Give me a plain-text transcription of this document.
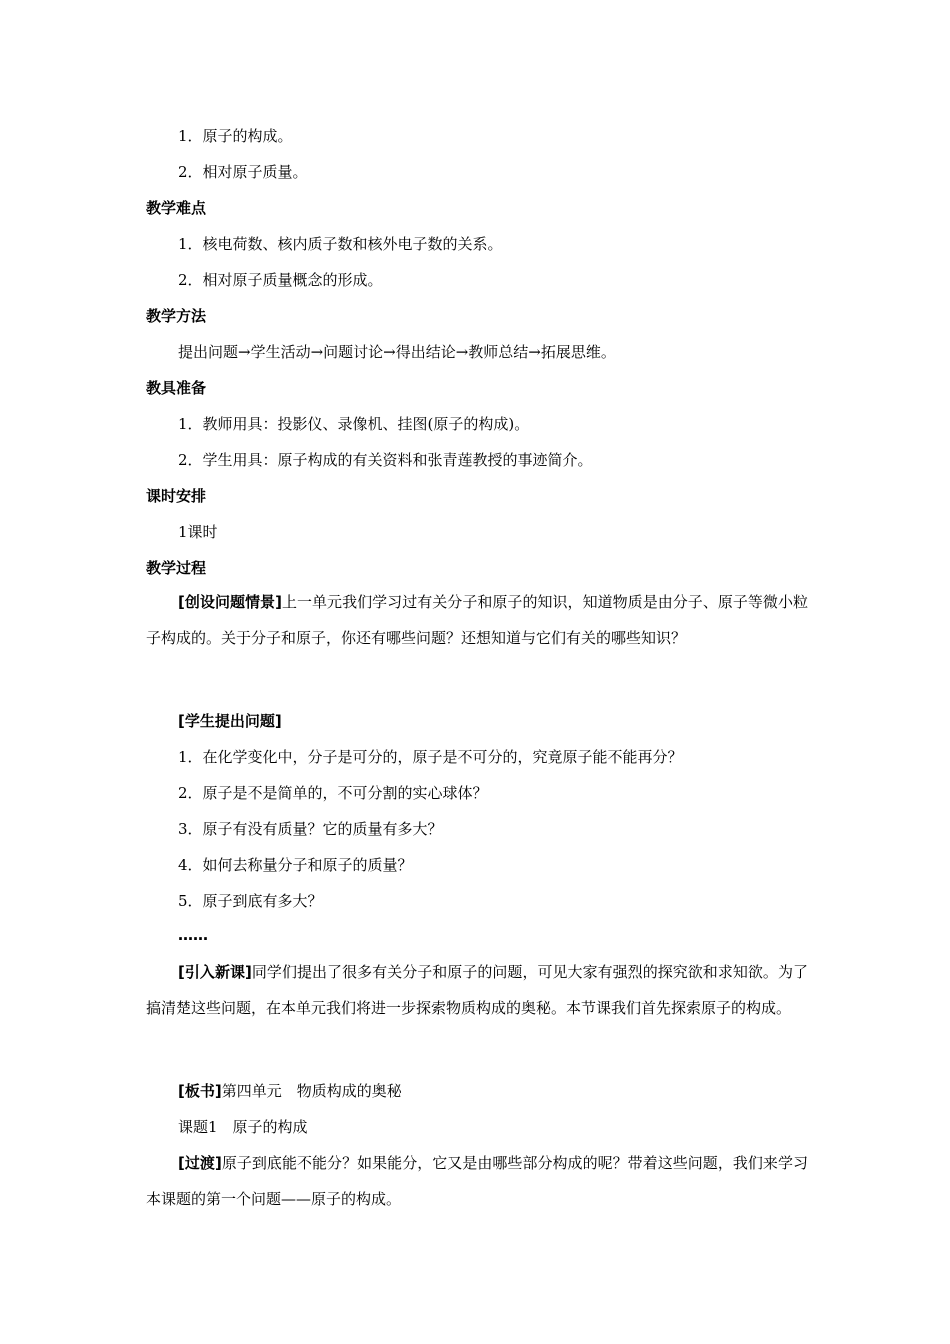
1．原子的构成。
2．相对原子质量。
教学难点
1．核电荷数、核内质子数和核外电子数的关系。
2．相对原子质量概念的形成。
教学方法
提出问题→学生活动→问题讨论→得出结论→教师总结→拓展思维。
教具准备
1．教师用具：投影仪、录像机、挂图(原子的构成)。
2．学生用具：原子构成的有关资料和张青莲教授的事迹简介。
课时安排
1课时
教学过程
[创设问题情景]上一单元我们学习过有关分子和原子的知识，知道物质是由分子、原子等微小粒子构成的。关于分子和原子，你还有哪些问题？还想知道与它们有关的哪些知识？
[学生提出问题]
1．在化学变化中，分子是可分的，原子是不可分的，究竟原子能不能再分？
2．原子是不是简单的，不可分割的实心球体？
3．原子有没有质量？它的质量有多大？
4．如何去称量分子和原子的质量？
5．原子到底有多大？
……
[引入新课]同学们提出了很多有关分子和原子的问题，可见大家有强烈的探究欲和求知欲。为了搞清楚这些问题，在本单元我们将进一步探索物质构成的奥秘。本节课我们首先探索原子的构成。
[板书]第四单元　物质构成的奥秘
课题1　原子的构成
[过渡]原子到底能不能分？如果能分，它又是由哪些部分构成的呢？带着这些问题，我们来学习本课题的第一个问题——原子的构成。
